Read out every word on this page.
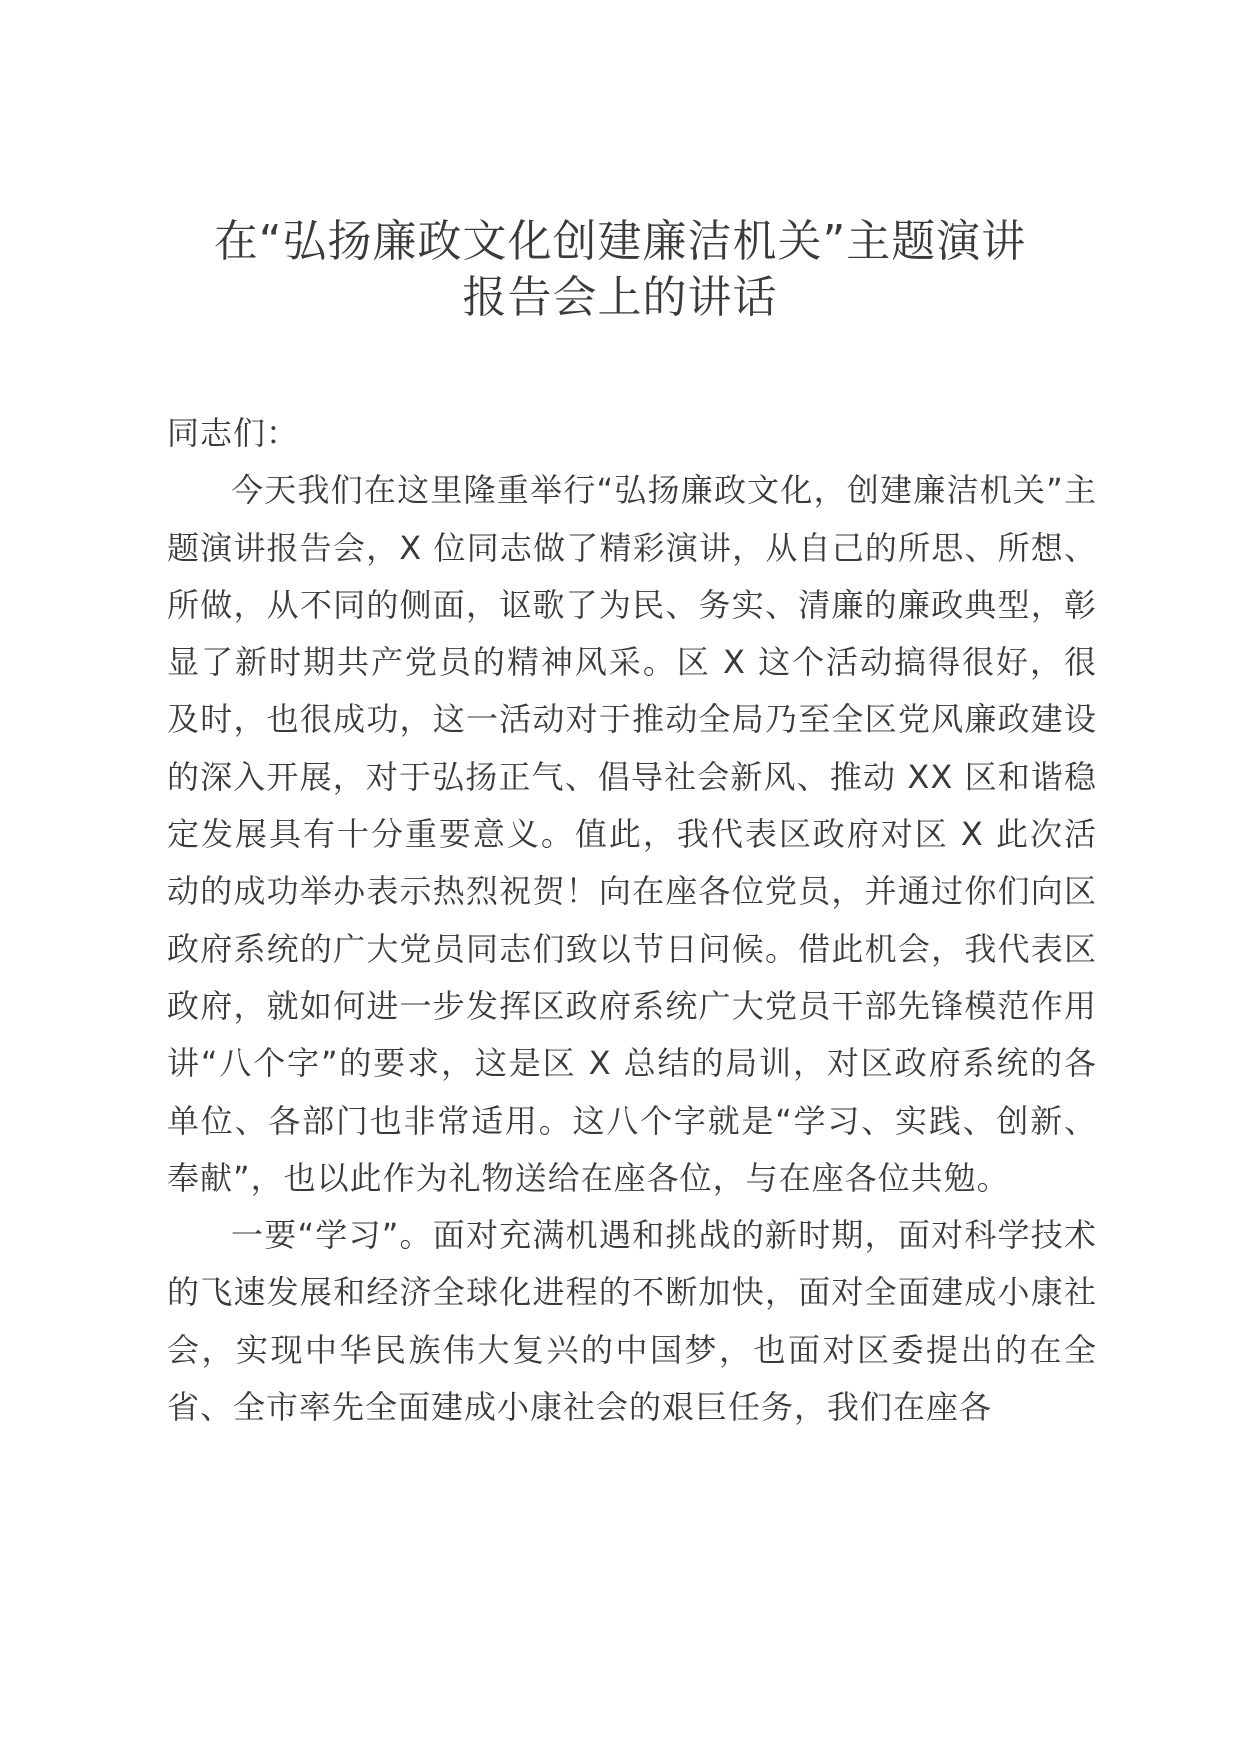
在“弘扬廉政文化创建廉洁机关”主题演讲
报告会上的讲话

同志们：

今天我们在这里隆重举行“弘扬廉政文化，创建廉洁机关”主题演讲报告会，X 位同志做了精彩演讲，从自己的所思、所想、所做，从不同的侧面，讴歌了为民、务实、清廉的廉政典型，彰显了新时期共产党员的精神风采。区 X 这个活动搞得很好，很及时，也很成功，这一活动对于推动全局乃至全区党风廉政建设的深入开展，对于弘扬正气、倡导社会新风、推动 XX 区和谐稳定发展具有十分重要意义。值此，我代表区政府对区 X 此次活动的成功举办表示热烈祝贺！向在座各位党员，并通过你们向区政府系统的广大党员同志们致以节日问候。借此机会，我代表区政府，就如何进一步发挥区政府系统广大党员干部先锋模范作用讲“八个字”的要求，这是区 X 总结的局训，对区政府系统的各单位、各部门也非常适用。这八个字就是“学习、实践、创新、奉献”，也以此作为礼物送给在座各位，与在座各位共勉。

一要“学习”。面对充满机遇和挑战的新时期，面对科学技术的飞速发展和经济全球化进程的不断加快，面对全面建成小康社会，实现中华民族伟大复兴的中国梦，也面对区委提出的在全省、全市率先全面建成小康社会的艰巨任务，我们在座各
